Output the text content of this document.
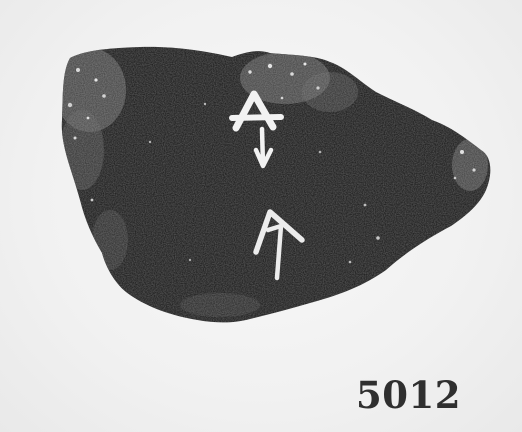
5012
